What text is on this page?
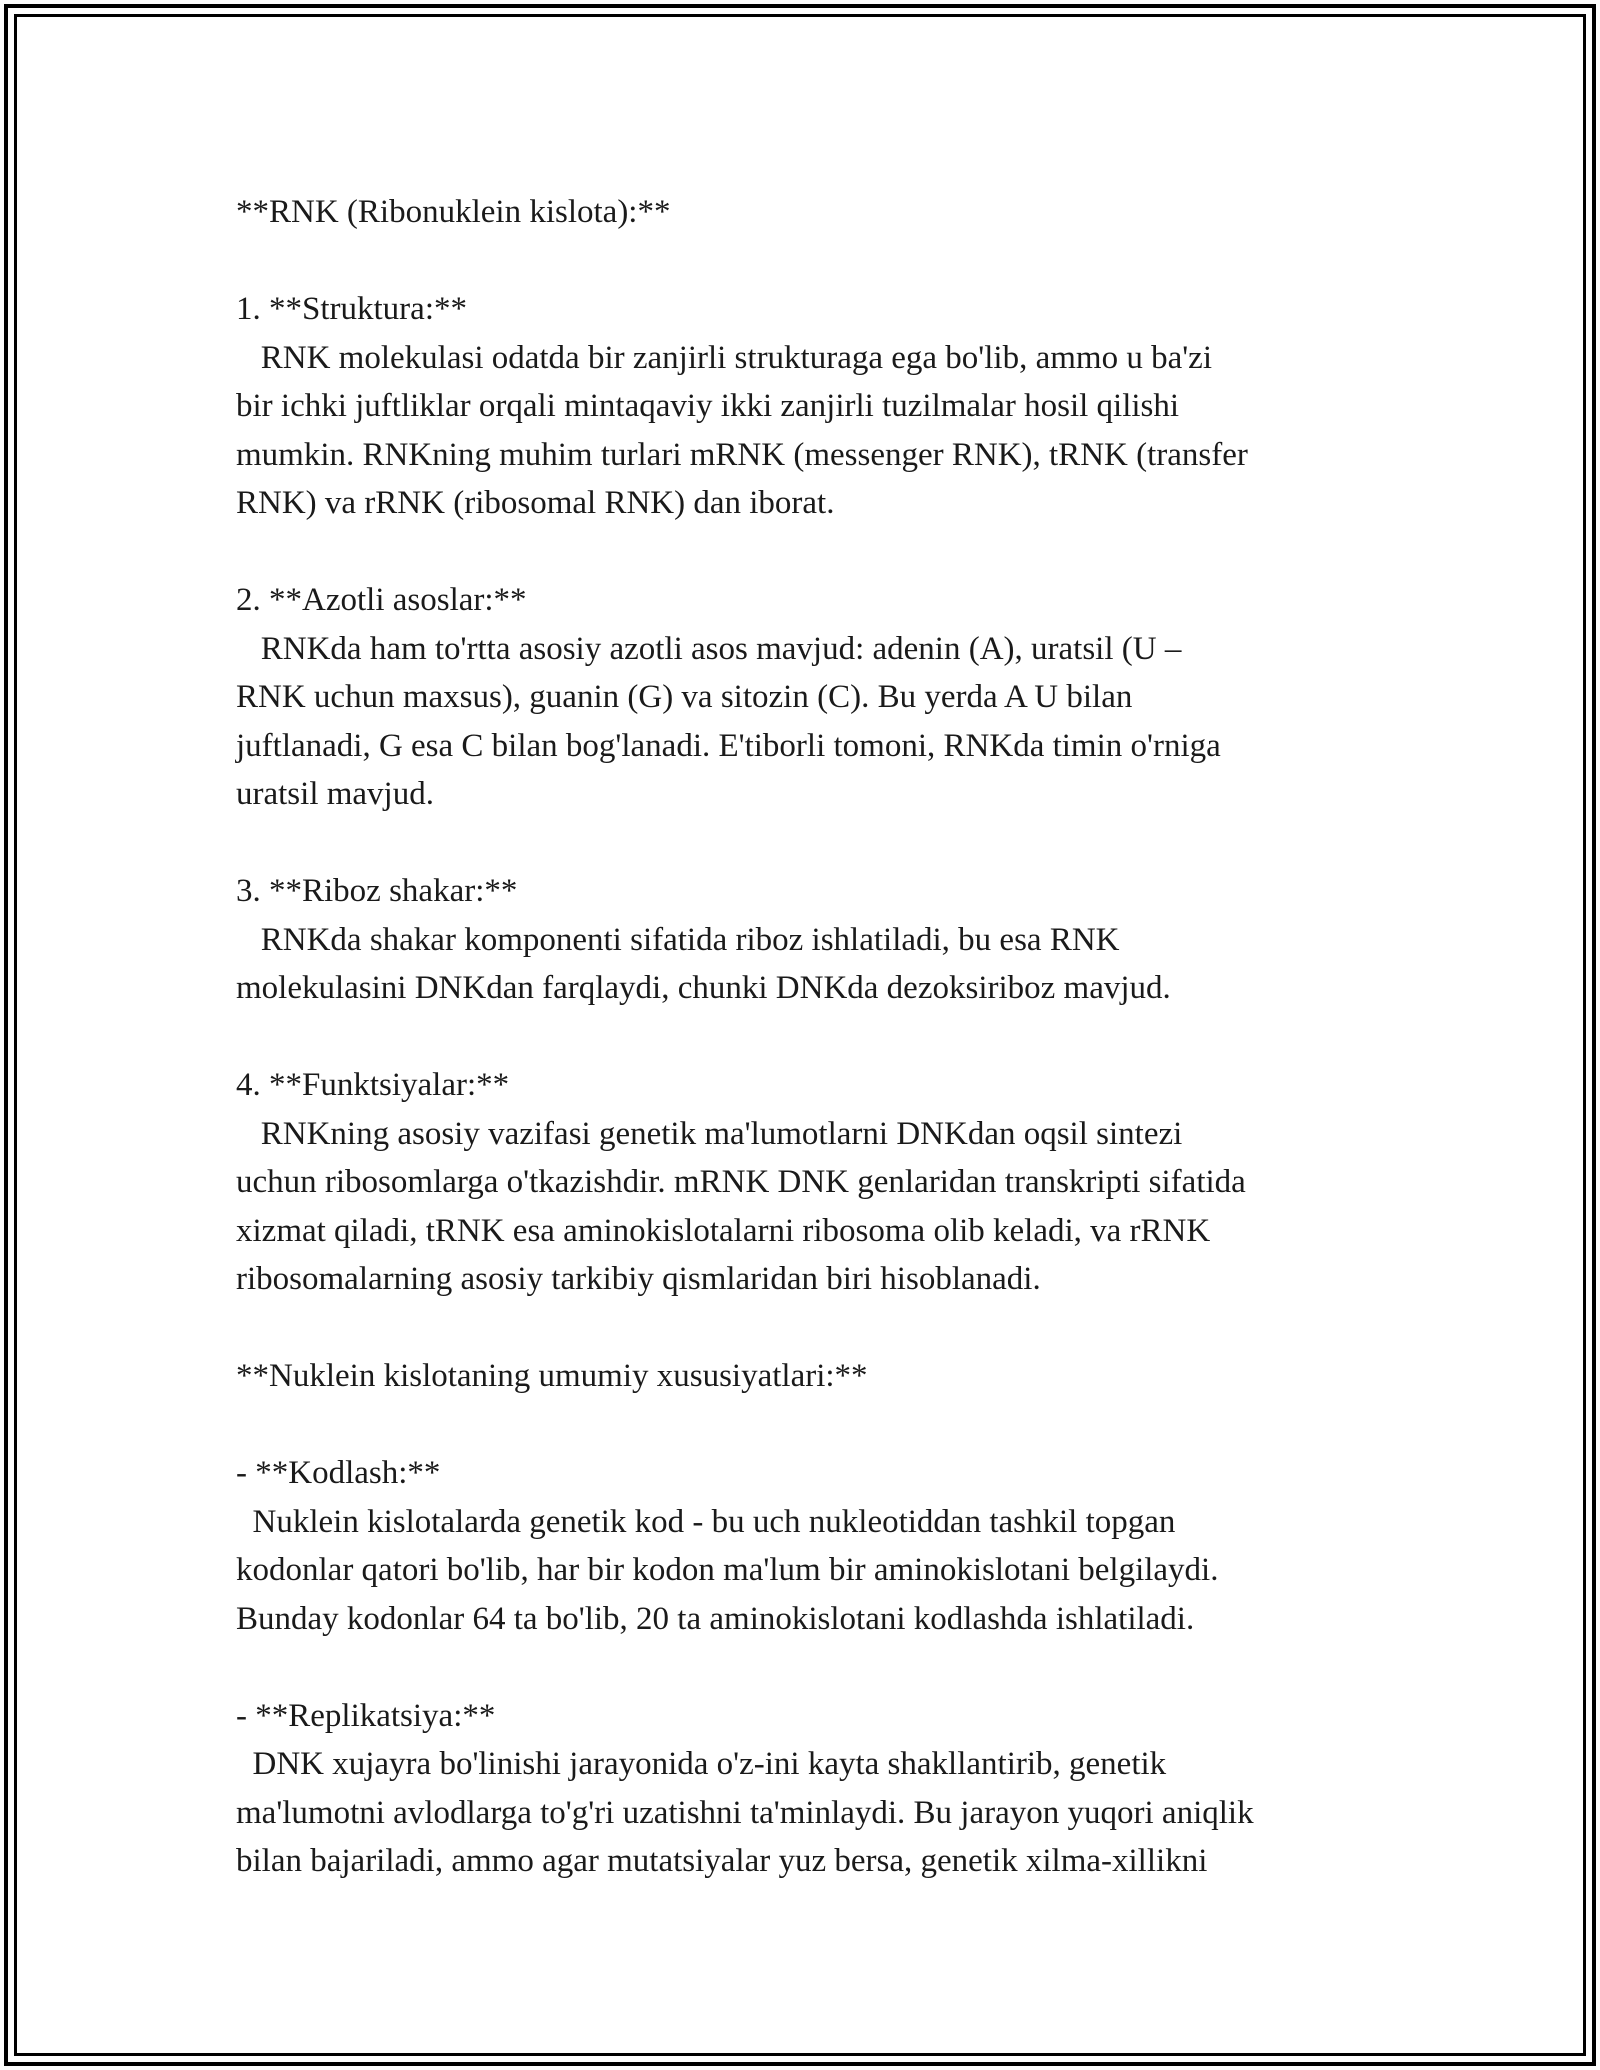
**RNK (Ribonuklein kislota):**
1. **Struktura:**
RNK molekulasi odatda bir zanjirli strukturaga ega bo'lib, ammo u ba'zi
bir ichki juftliklar orqali mintaqaviy ikki zanjirli tuzilmalar hosil qilishi
mumkin. RNKning muhim turlari mRNK (messenger RNK), tRNK (transfer
RNK) va rRNK (ribosomal RNK) dan iborat.
2. **Azotli asoslar:**
RNKda ham to'rtta asosiy azotli asos mavjud: adenin (A), uratsil (U –
RNK uchun maxsus), guanin (G) va sitozin (C). Bu yerda A U bilan
juftlanadi, G esa C bilan bog'lanadi. E'tiborli tomoni, RNKda timin o'rniga
uratsil mavjud.
3. **Riboz shakar:**
RNKda shakar komponenti sifatida riboz ishlatiladi, bu esa RNK
molekulasini DNKdan farqlaydi, chunki DNKda dezoksiriboz mavjud.
4. **Funktsiyalar:**
RNKning asosiy vazifasi genetik ma'lumotlarni DNKdan oqsil sintezi
uchun ribosomlarga o'tkazishdir. mRNK DNK genlaridan transkripti sifatida
xizmat qiladi, tRNK esa aminokislotalarni ribosoma olib keladi, va rRNK
ribosomalarning asosiy tarkibiy qismlaridan biri hisoblanadi.
**Nuklein kislotaning umumiy xususiyatlari:**
- **Kodlash:**
Nuklein kislotalarda genetik kod - bu uch nukleotiddan tashkil topgan
kodonlar qatori bo'lib, har bir kodon ma'lum bir aminokislotani belgilaydi.
Bunday kodonlar 64 ta bo'lib, 20 ta aminokislotani kodlashda ishlatiladi.
- **Replikatsiya:**
DNK xujayra bo'linishi jarayonida o'z-ini kayta shakllantirib, genetik
ma'lumotni avlodlarga to'g'ri uzatishni ta'minlaydi. Bu jarayon yuqori aniqlik
bilan bajariladi, ammo agar mutatsiyalar yuz bersa, genetik xilma-xillikni
